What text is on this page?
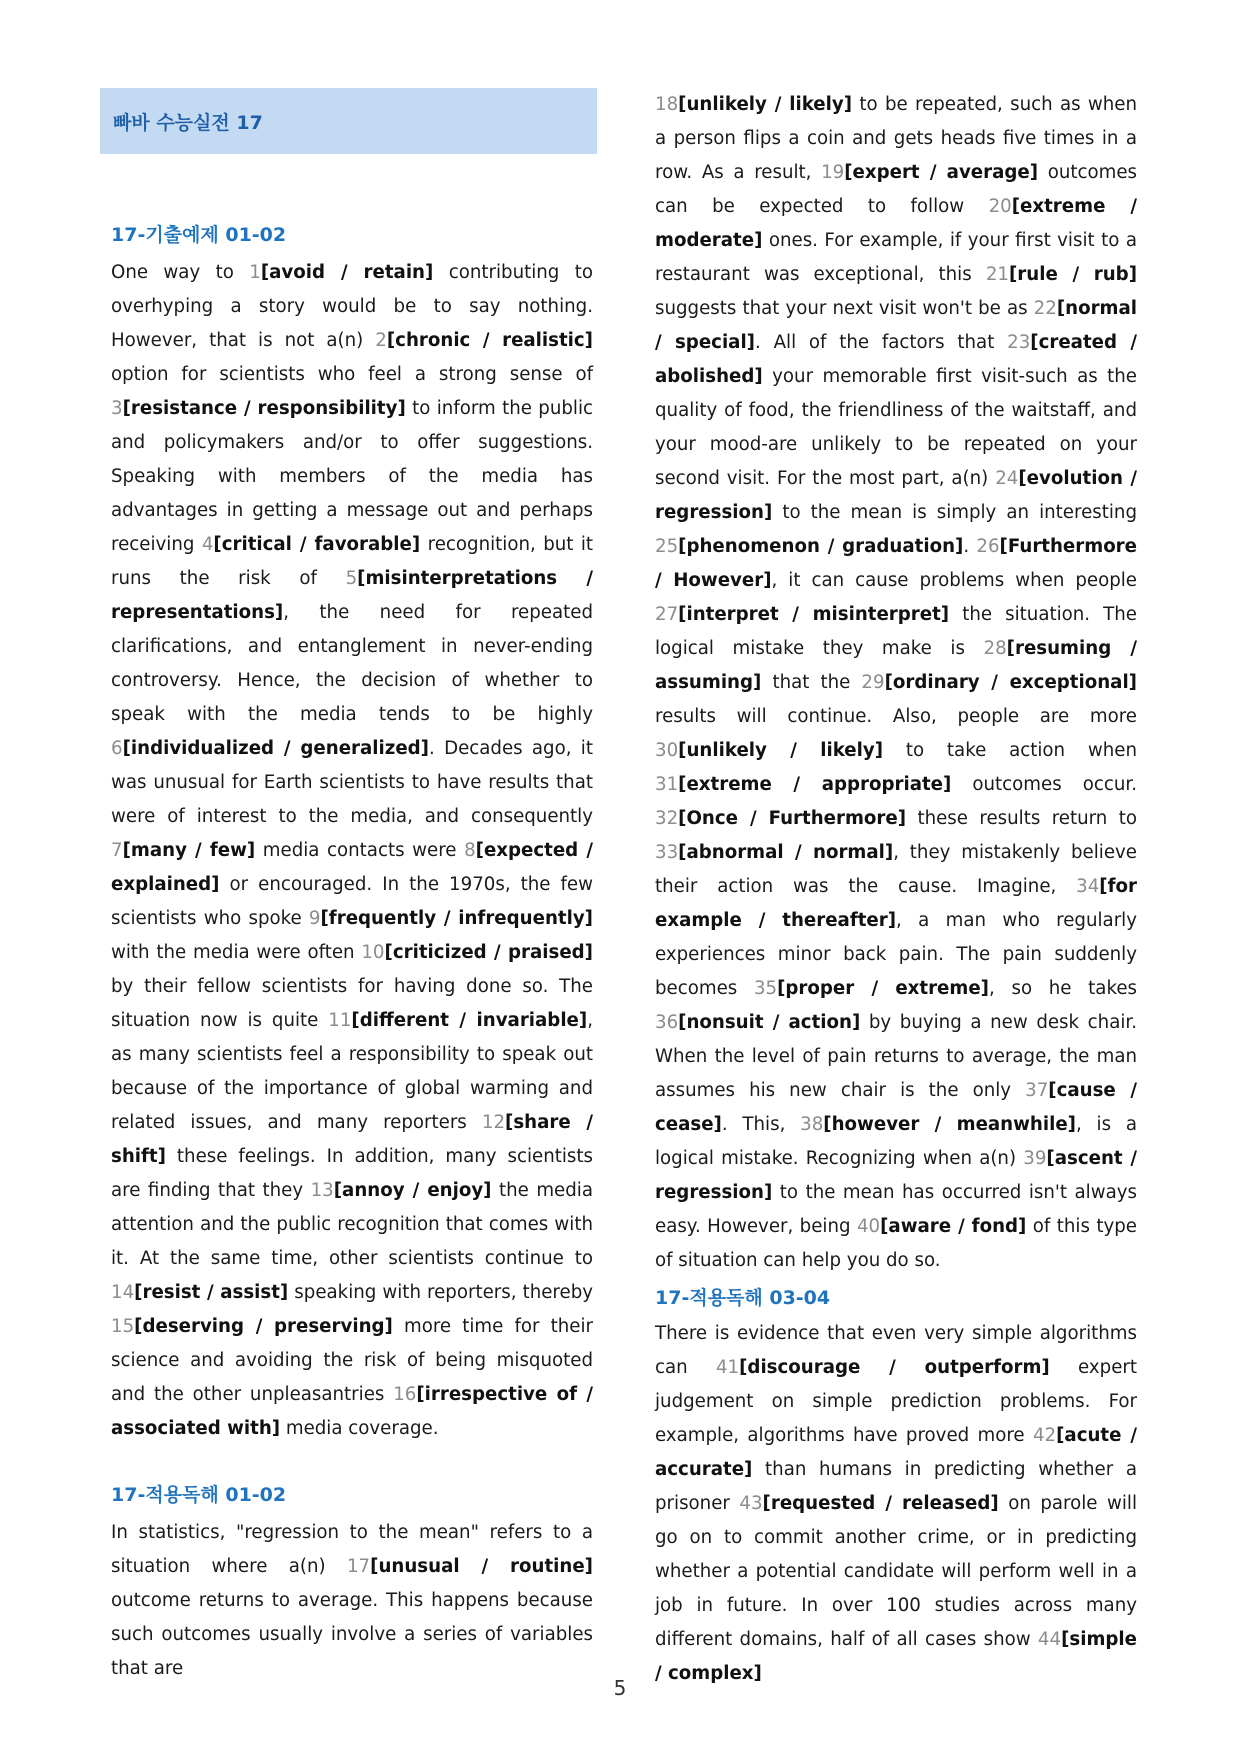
빠바 수능실전 17
17-기출예제 01-02

One way to 1[avoid / retain] contributing to overhyping a story would be to say nothing. However, that is not a(n) 2[chronic / realistic] option for scientists who feel a strong sense of 3[resistance / responsibility] to inform the public and policymakers and/or to offer suggestions. Speaking with members of the media has advantages in getting a message out and perhaps receiving 4[critical / favorable] recognition, but it runs the risk of 5[misinterpretations / representations], the need for repeated clarifications, and entanglement in never-ending controversy. Hence, the decision of whether to speak with the media tends to be highly 6[individualized / generalized]. Decades ago, it was unusual for Earth scientists to have results that were of interest to the media, and consequently 7[many / few] media contacts were 8[expected / explained] or encouraged. In the 1970s, the few scientists who spoke 9[frequently / infrequently] with the media were often 10[criticized / praised] by their fellow scientists for having done so. The situation now is quite 11[different / invariable], as many scientists feel a responsibility to speak out because of the importance of global warming and related issues, and many reporters 12[share / shift] these feelings. In addition, many scientists are finding that they 13[annoy / enjoy] the media attention and the public recognition that comes with it. At the same time, other scientists continue to 14[resist / assist] speaking with reporters, thereby 15[deserving / preserving] more time for their science and avoiding the risk of being misquoted and the other unpleasantries 16[irrespective of / associated with] media coverage.

17-적용독해 01-02

In statistics, "regression to the mean" refers to a situation where a(n) 17[unusual / routine] outcome returns to average. This happens because such outcomes usually involve a series of variables that are

18[unlikely / likely] to be repeated, such as when a person flips a coin and gets heads five times in a row. As a result, 19[expert / average] outcomes can be expected to follow 20[extreme / moderate] ones. For example, if your first visit to a restaurant was exceptional, this 21[rule / rub] suggests that your next visit won't be as 22[normal / special]. All of the factors that 23[created / abolished] your memorable first visit-such as the quality of food, the friendliness of the waitstaff, and your mood-are unlikely to be repeated on your second visit. For the most part, a(n) 24[evolution / regression] to the mean is simply an interesting 25[phenomenon / graduation]. 26[Furthermore / However], it can cause problems when people 27[interpret / misinterpret] the situation. The logical mistake they make is 28[resuming / assuming] that the 29[ordinary / exceptional] results will continue. Also, people are more 30[unlikely / likely] to take action when 31[extreme / appropriate] outcomes occur. 32[Once / Furthermore] these results return to 33[abnormal / normal], they mistakenly believe their action was the cause. Imagine, 34[for example / thereafter], a man who regularly experiences minor back pain. The pain suddenly becomes 35[proper / extreme], so he takes 36[nonsuit / action] by buying a new desk chair. When the level of pain returns to average, the man assumes his new chair is the only 37[cause / cease]. This, 38[however / meanwhile], is a logical mistake. Recognizing when a(n) 39[ascent / regression] to the mean has occurred isn't always easy. However, being 40[aware / fond] of this type of situation can help you do so.

17-적용독해 03-04

There is evidence that even very simple algorithms can 41[discourage / outperform] expert judgement on simple prediction problems. For example, algorithms have proved more 42[acute / accurate] than humans in predicting whether a prisoner 43[requested / released] on parole will go on to commit another crime, or in predicting whether a potential candidate will perform well in a job in future. In over 100 studies across many different domains, half of all cases show 44[simple / complex]

5
